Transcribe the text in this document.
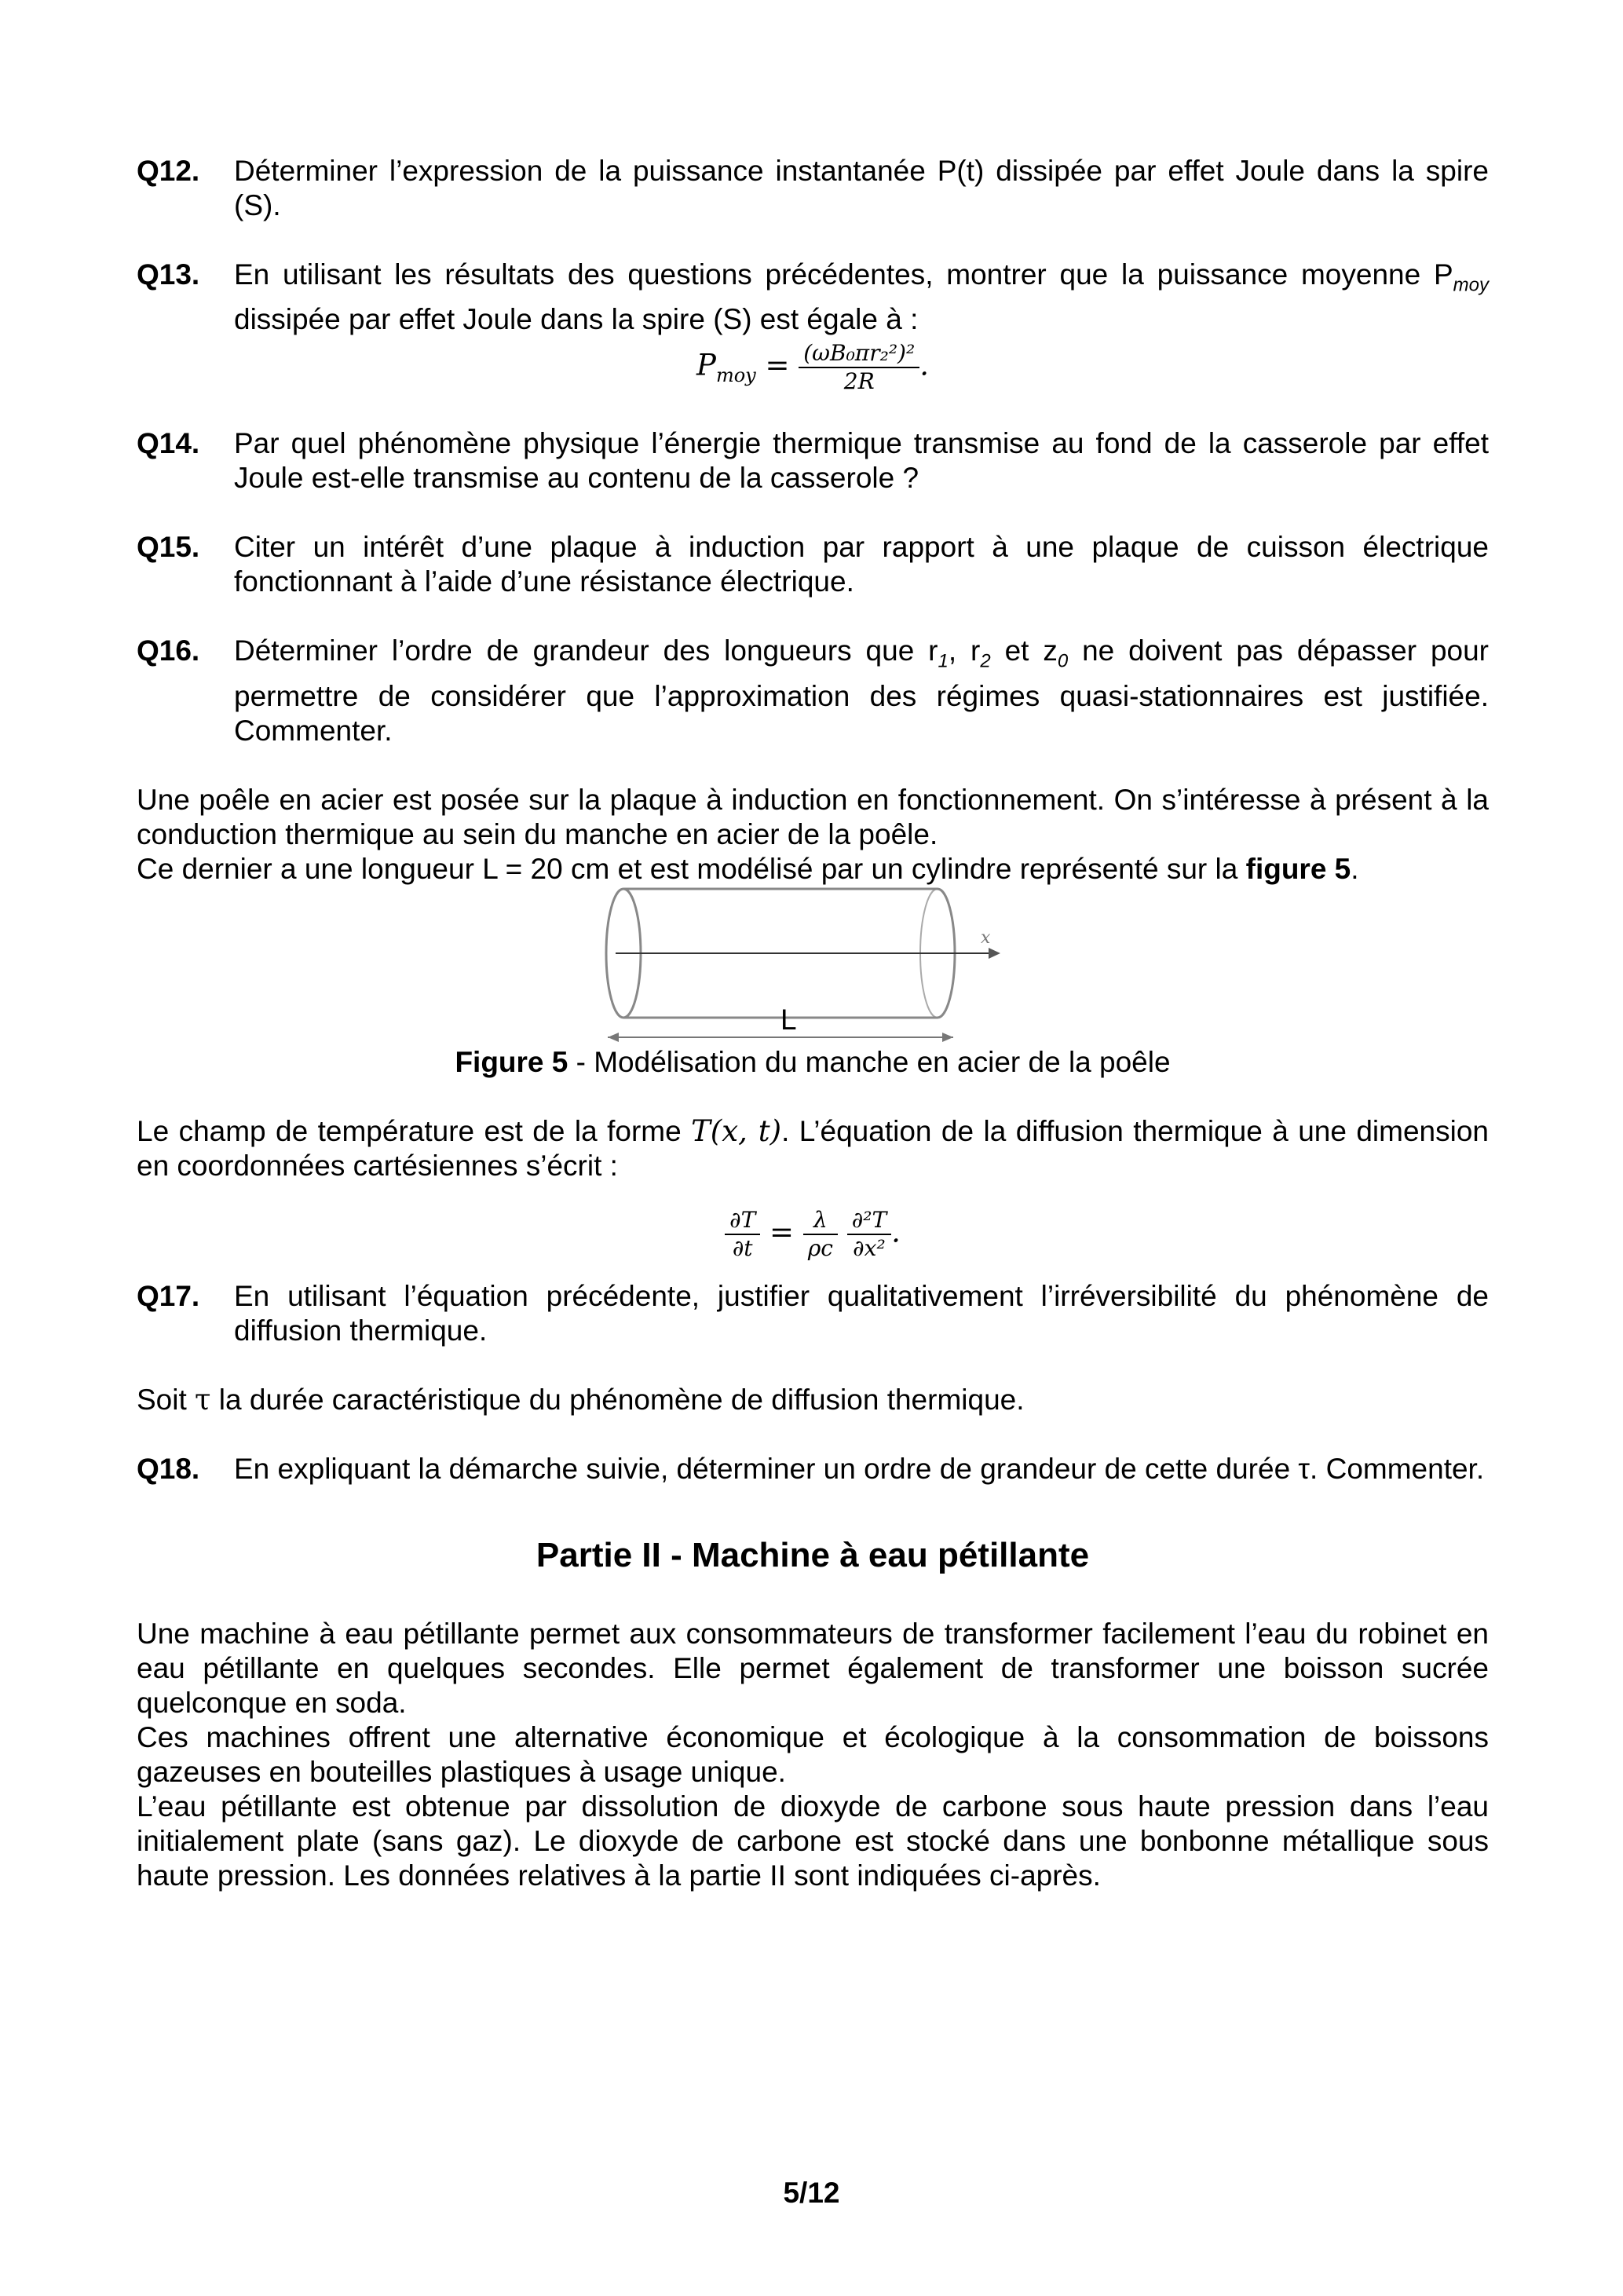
Q12. Déterminer l’expression de la puissance instantanée P(t) dissipée par effet Joule dans la spire (S).
Q13. En utilisant les résultats des questions précédentes, montrer que la puissance moyenne $P_{moy}$ dissipée par effet Joule dans la spire (S) est égale à :
$P_{moy} = \frac{\text{(ωB₀πr₂²)²}}{2R}$ .
Q14. Par quel phénomène physique l’énergie thermique transmise au fond de la casserole par effet Joule est-elle transmise au contenu de la casserole ?
Q15. Citer un intérêt d’une plaque à induction par rapport à une plaque de cuisson électrique fonctionnant à l’aide d’une résistance électrique.
Q16. Déterminer l’ordre de grandeur des longueurs que $r_1$, $r_2$ et $z_0$ ne doivent pas dépasser pour permettre de considérer que l’approximation des régimes quasi-stationnaires est justifiée. Commenter.
Une poêle en acier est posée sur la plaque à induction en fonctionnement. On s’intéresse à présent à la conduction thermique au sein du manche en acier de la poêle.
Ce dernier a une longueur L = 20 cm et est modélisé par un cylindre représenté sur la figure 5.
x
L
Figure 5 - Modélisation du manche en acier de la poêle
Le champ de température est de la forme T(x, t). L’équation de la diffusion thermique à une dimension en coordonnées cartésiennes s’écrit :
$\frac{\partial T}{\partial t} = \frac{\lambda}{\rho c}$
$\frac{\text{∂²T}}{\text{∂x²}}$ .
Q17. En utilisant l’équation précédente, justifier qualitativement l’irréversibilité du phénomène de diffusion thermique.
Soit τ la durée caractéristique du phénomène de diffusion thermique.
Q18. En expliquant la démarche suivie, déterminer un ordre de grandeur de cette durée τ. Commenter.
Partie II - Machine à eau pétillante
Une machine à eau pétillante permet aux consommateurs de transformer facilement l’eau du robinet en eau pétillante en quelques secondes. Elle permet également de transformer une boisson sucrée quelconque en soda.
Ces machines offrent une alternative économique et écologique à la consommation de boissons gazeuses en bouteilles plastiques à usage unique.
L’eau pétillante est obtenue par dissolution de dioxyde de carbone sous haute pression dans l’eau initialement plate (sans gaz). Le dioxyde de carbone est stocké dans une bonbonne métallique sous haute pression. Les données relatives à la partie II sont indiquées ci-après.
5/12
